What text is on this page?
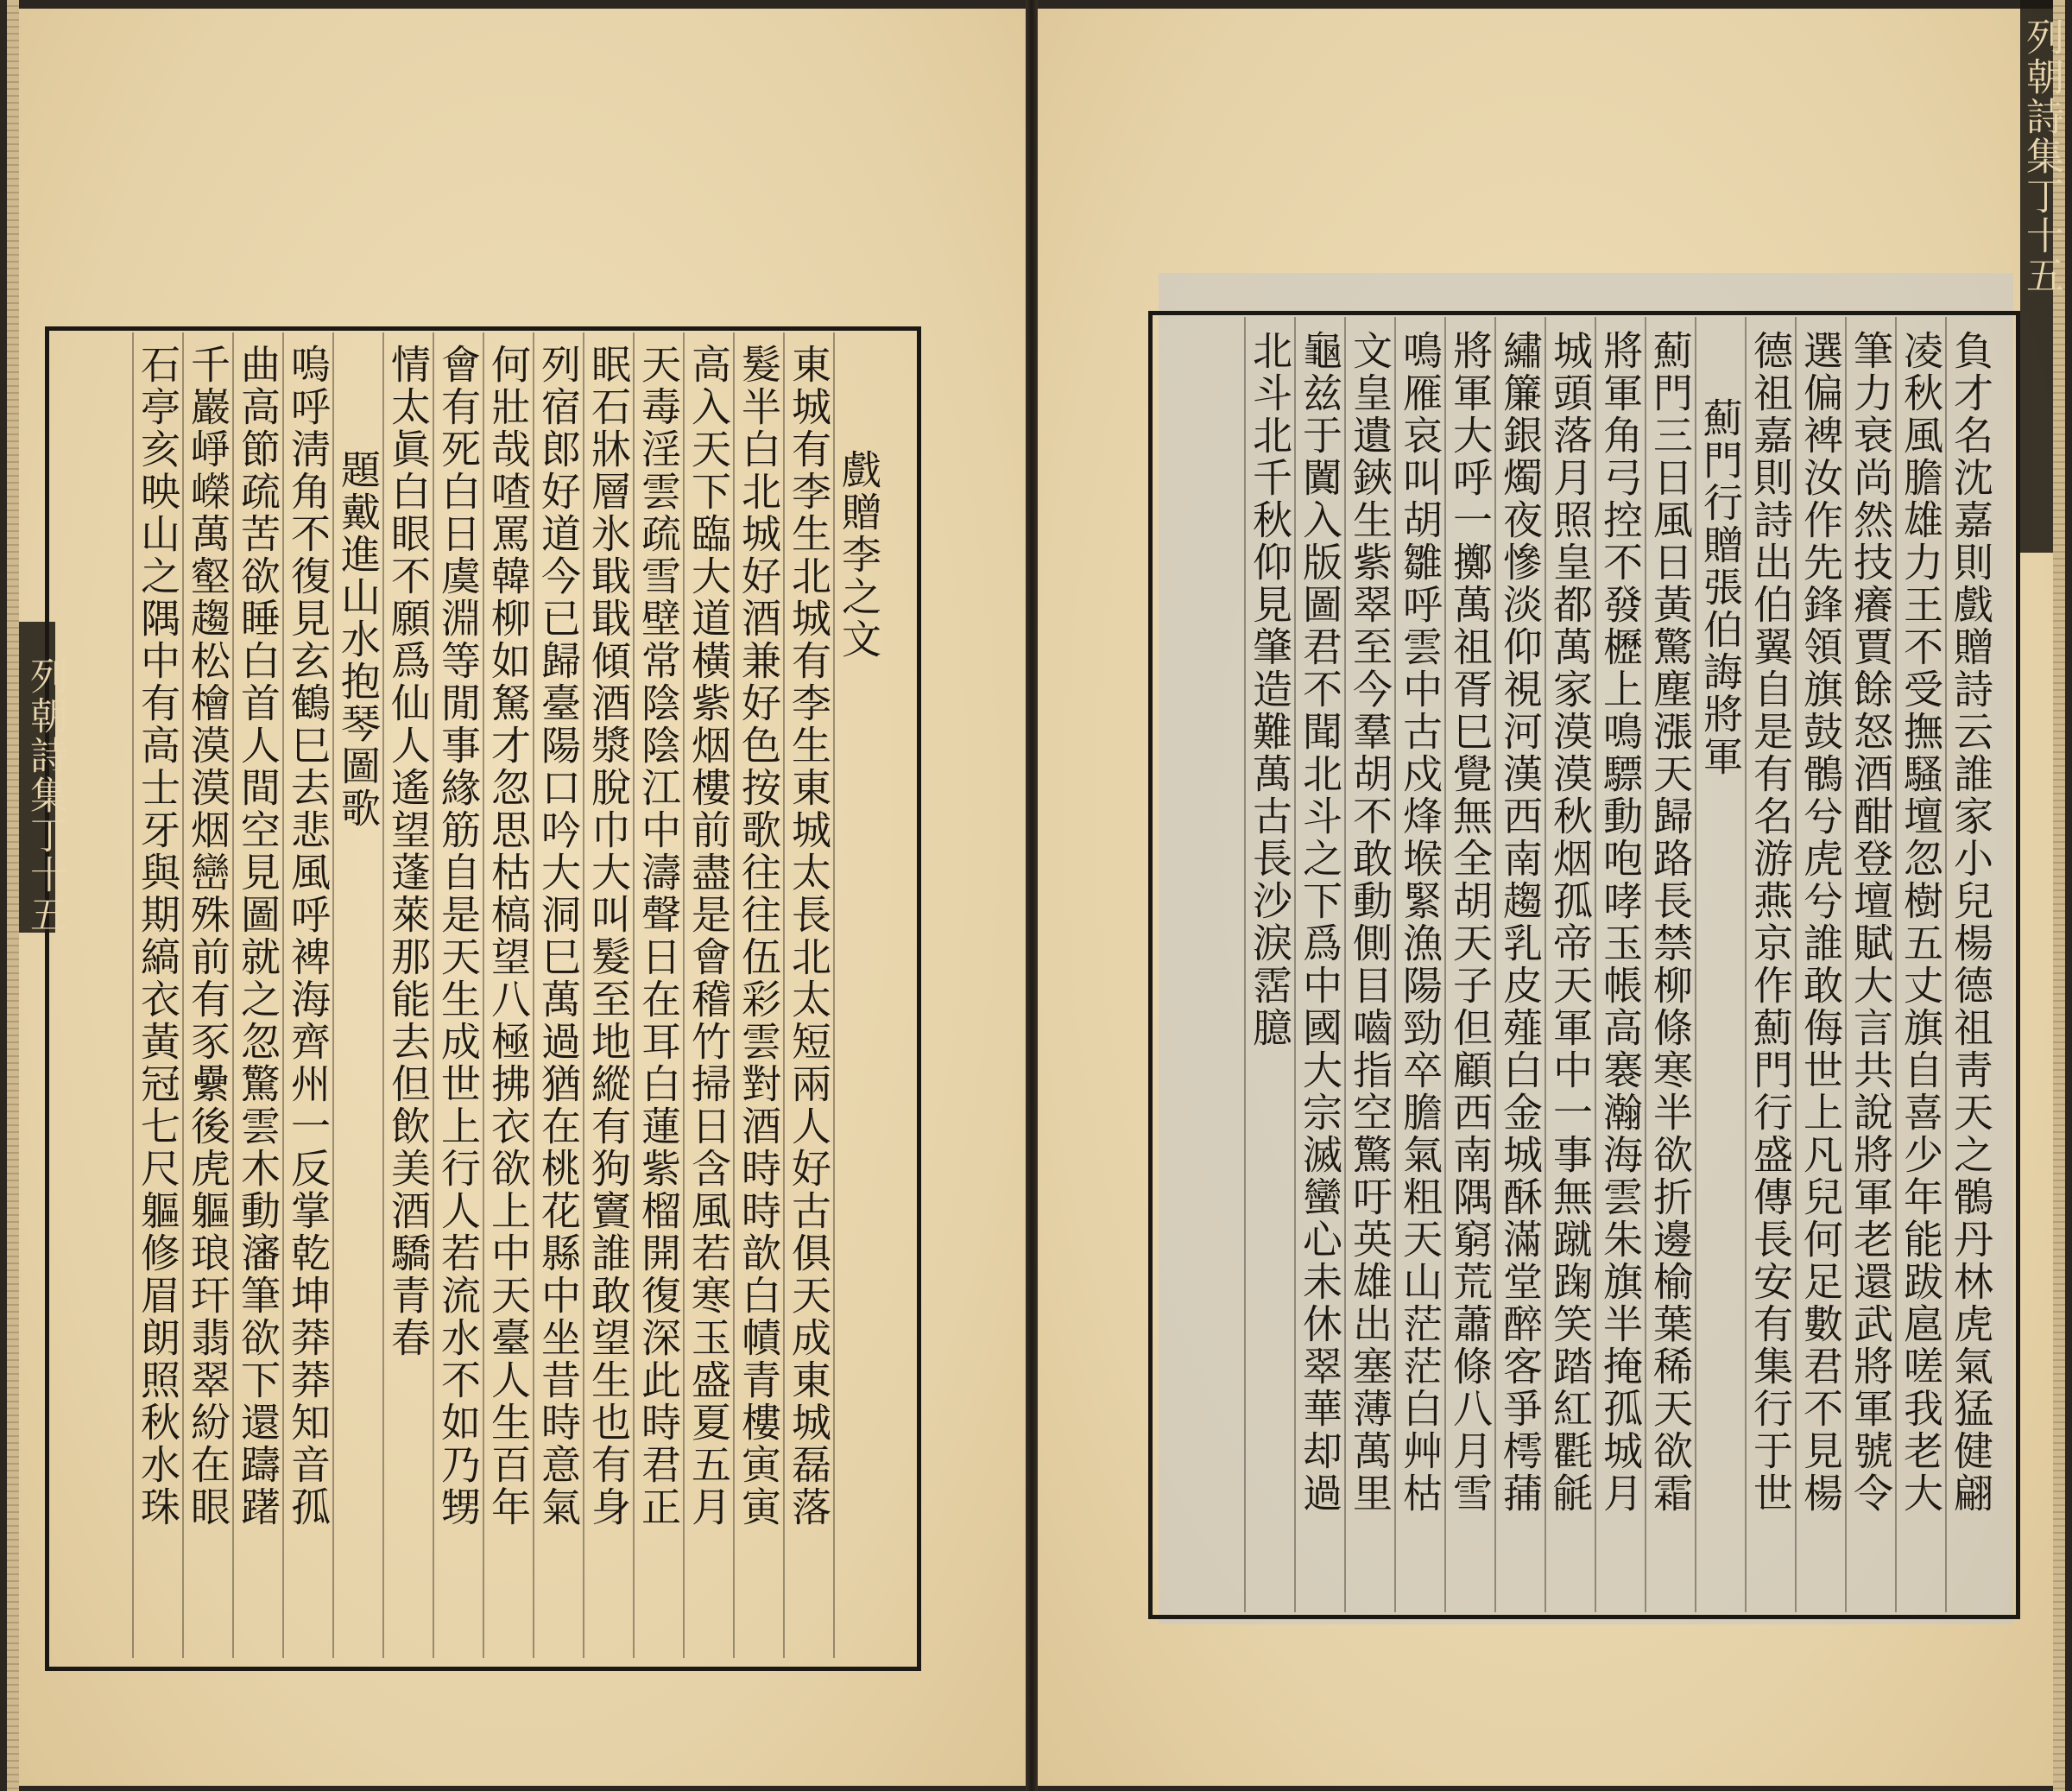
列朝詩集丁十五
戲贈李之文
東城有李生北城有李生東城太長北太短兩人好古俱天成東城磊落
髮半白北城好酒兼好色按歌往往伍彩雲對酒時時歆白幘青樓寅寅
高入天下臨大道橫紫烟樓前盡是會稽竹掃日含風若寒玉盛夏五月
天毒淫雲疏雪壁常陰陰江中濤聲日在耳白蓮紫榴開復深此時君正
眠石牀層氷戢戢傾酒漿脫巾大叫髮至地縱有狗竇誰敢望生也有身
列宿郎好道今已歸臺陽口吟大洞巳萬過猶在桃花縣中坐昔時意氣
何壯哉喳罵韓柳如駑才忽思枯槁望八極拂衣欲上中天臺人生百年
會有死白日虞淵等閒事緣筋自是天生成世上行人若流水不如乃甥
情太眞白眼不願爲仙人遙望蓬萊那能去但飲美酒驕青春
題戴進山水抱琴圖歌
嗚呼淸角不復見玄鶴巳去悲風呼裨海齊州一反掌乾坤莽莽知音孤
曲高節疏苦欲睡白首人間空見圖就之忽驚雲木動瀋筆欲下還躊躇
千巖崢嶸萬壑趨松檜漠漠烟巒殊前有豕纍後虎軀琅玕翡翠紛在眼
石亭亥映山之隅中有高士牙與期縞衣黃冠七尺軀修眉朗照秋水珠
列朝詩集丁十五
負才名沈嘉則戲贈詩云誰家小兒楊德祖靑天之鶻丹林虎氣猛健翩
凌秋風膽雄力王不受撫騷壇忽樹五丈旗自喜少年能跋扈嗟我老大
筆力衰尚然技癢賈餘怒酒酣登壇賦大言共說將軍老還武將軍號令
選偏裨汝作先鋒領旗鼓鶻兮虎兮誰敢侮世上凡兒何足數君不見楊
德祖嘉則詩出伯翼自是有名游燕京作薊門行盛傳長安有集行于世
薊門行贈張伯誨將軍
薊門三日風日黃驚塵漲天歸路長禁柳條寒半欲折邊榆葉稀天欲霜
將軍角弓控不發櫪上鳴驃動咆哮玉帳高褰瀚海雲朱旗半掩孤城月
城頭落月照皇都萬家漠漠秋烟孤帝天軍中一事無蹴踘笑踏紅氍毹
繡簾銀燭夜慘淡仰視河漢西南趨乳皮薤白金城酥滿堂醉客爭樗蒱
將軍大呼一擲萬祖胥巳覺無全胡天子但顧西南隅窮荒蕭條八月雪
鳴雁哀叫胡雛呼雲中古戍烽堠緊漁陽勁卒膽氣粗天山茫茫白艸枯
文皇遺鋏生紫翠至今羣胡不敢動側目嚙指空驚吁英雄出塞薄萬里
龜兹于闐入版圖君不聞北斗之下爲中國大宗滅蠻心未休翠華却過
北斗北千秋仰見肇造難萬古長沙淚霑臆
